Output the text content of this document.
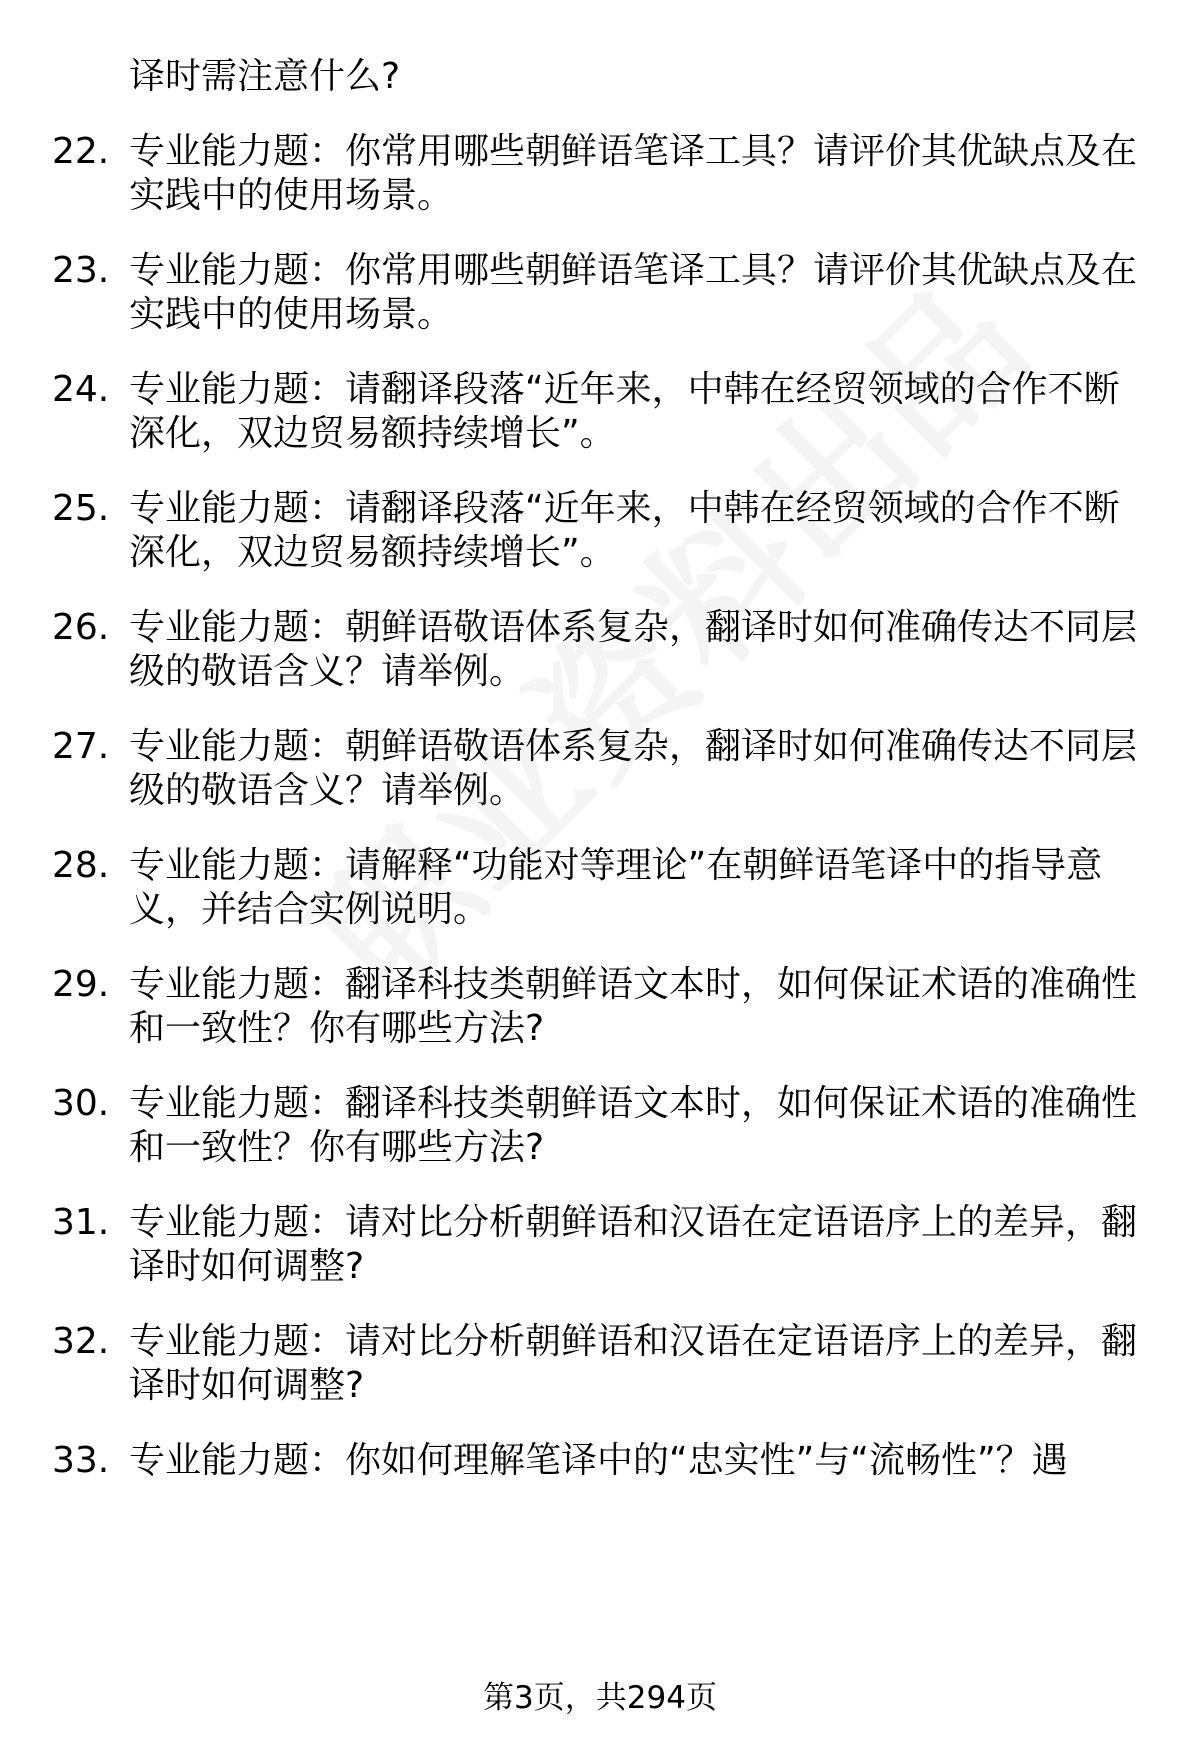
译时需注意什么?
22. 专业能力题：你常用哪些朝鲜语笔译工具？请评价其优缺点及在
实践中的使用场景。
23. 专业能力题：你常用哪些朝鲜语笔译工具？请评价其优缺点及在
实践中的使用场景。
24. 专业能力题：请翻译段落“近年来，中韩在经贸领域的合作不断
深化，双边贸易额持续增长”。
25. 专业能力题：请翻译段落“近年来，中韩在经贸领域的合作不断
深化，双边贸易额持续增长”。
26. 专业能力题：朝鲜语敬语体系复杂，翻译时如何准确传达不同层
级的敬语含义？请举例。
27. 专业能力题：朝鲜语敬语体系复杂，翻译时如何准确传达不同层
级的敬语含义？请举例。
28. 专业能力题：请解释“功能对等理论”在朝鲜语笔译中的指导意
义，并结合实例说明。
29. 专业能力题：翻译科技类朝鲜语文本时，如何保证术语的准确性
和一致性？你有哪些方法?
30. 专业能力题：翻译科技类朝鲜语文本时，如何保证术语的准确性
和一致性？你有哪些方法?
31. 专业能力题：请对比分析朝鲜语和汉语在定语语序上的差异，翻
译时如何调整?
32. 专业能力题：请对比分析朝鲜语和汉语在定语语序上的差异，翻
译时如何调整?
33. 专业能力题：你如何理解笔译中的“忠实性”与“流畅性”？遇
第3页，共294页
